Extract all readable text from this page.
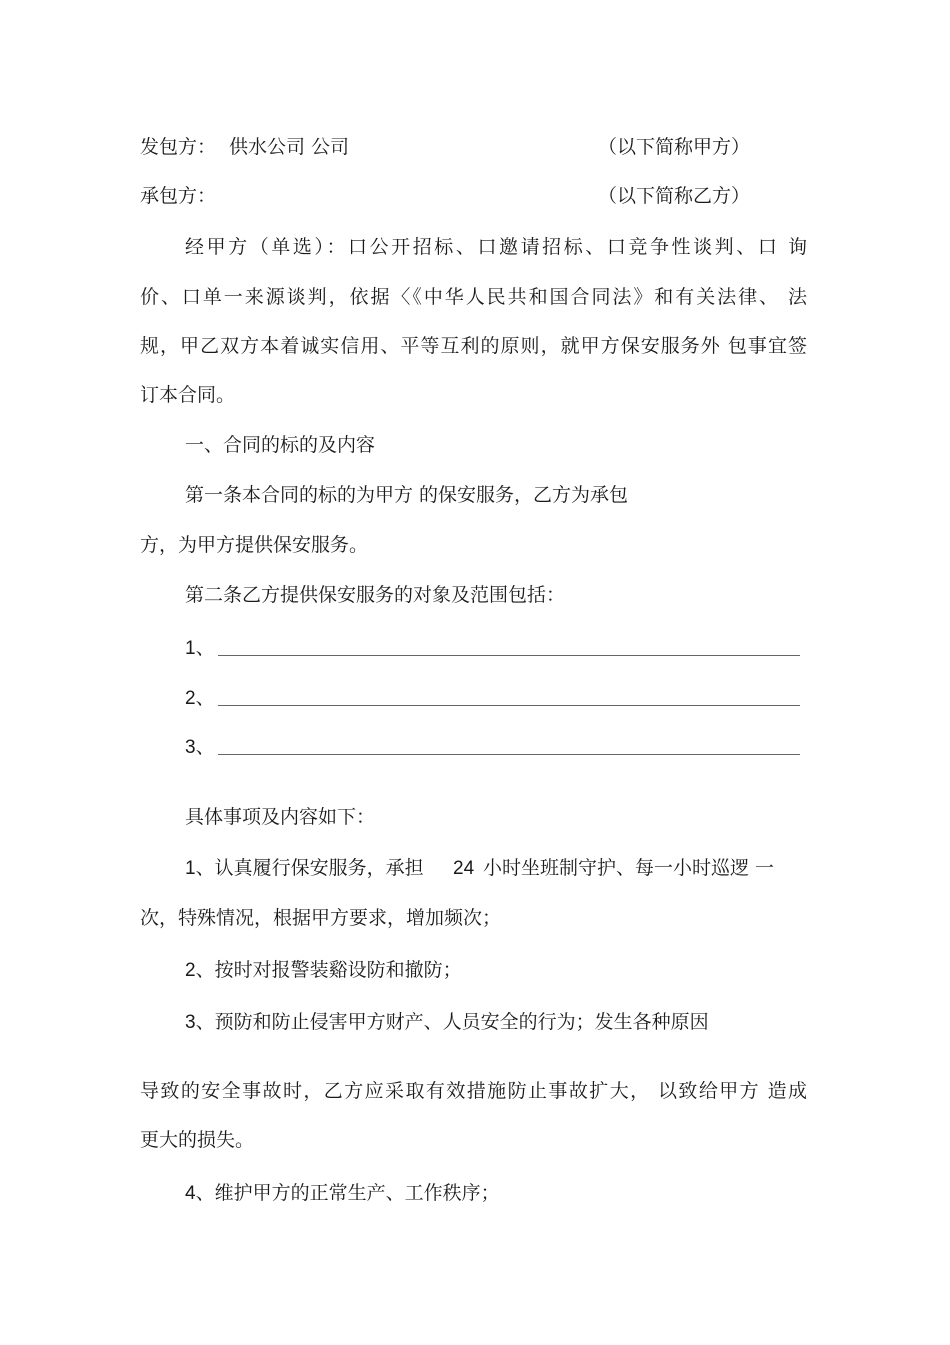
发包方： 供水公司 公司	（以下简称甲方）
承包方：	（以下简称乙方）
经甲方（单选）：口公开招标、口邀请招标、口竞争性谈判、口 询
价、口单一来源谈判，依据〈《中华人民共和国合同法》和有关法律、 法
规，甲乙双方本着诚实信用、平等互利的原则，就甲方保安服务外 包事宜签
订本合同。
一、合同的标的及内容
第一条本合同的标的为甲方 的保安服务，乙方为承包
方，为甲方提供保安服务。
第二条乙方提供保安服务的对象及范围包括：
1、
2、
3、
具体事项及内容如下：
1、认真履行保安服务，承担 24 小时坐班制守护、每一小时巡逻 一
次，特殊情况，根据甲方要求，增加频次；
2、按时对报警装谿设防和撤防；
3、预防和防止侵害甲方财产、人员安全的行为；发生各种原因
导致的安全事故时，乙方应采取有效措施防止事故扩大， 以致给甲方 造成
更大的损失。
4、维护甲方的正常生产、工作秩序；
